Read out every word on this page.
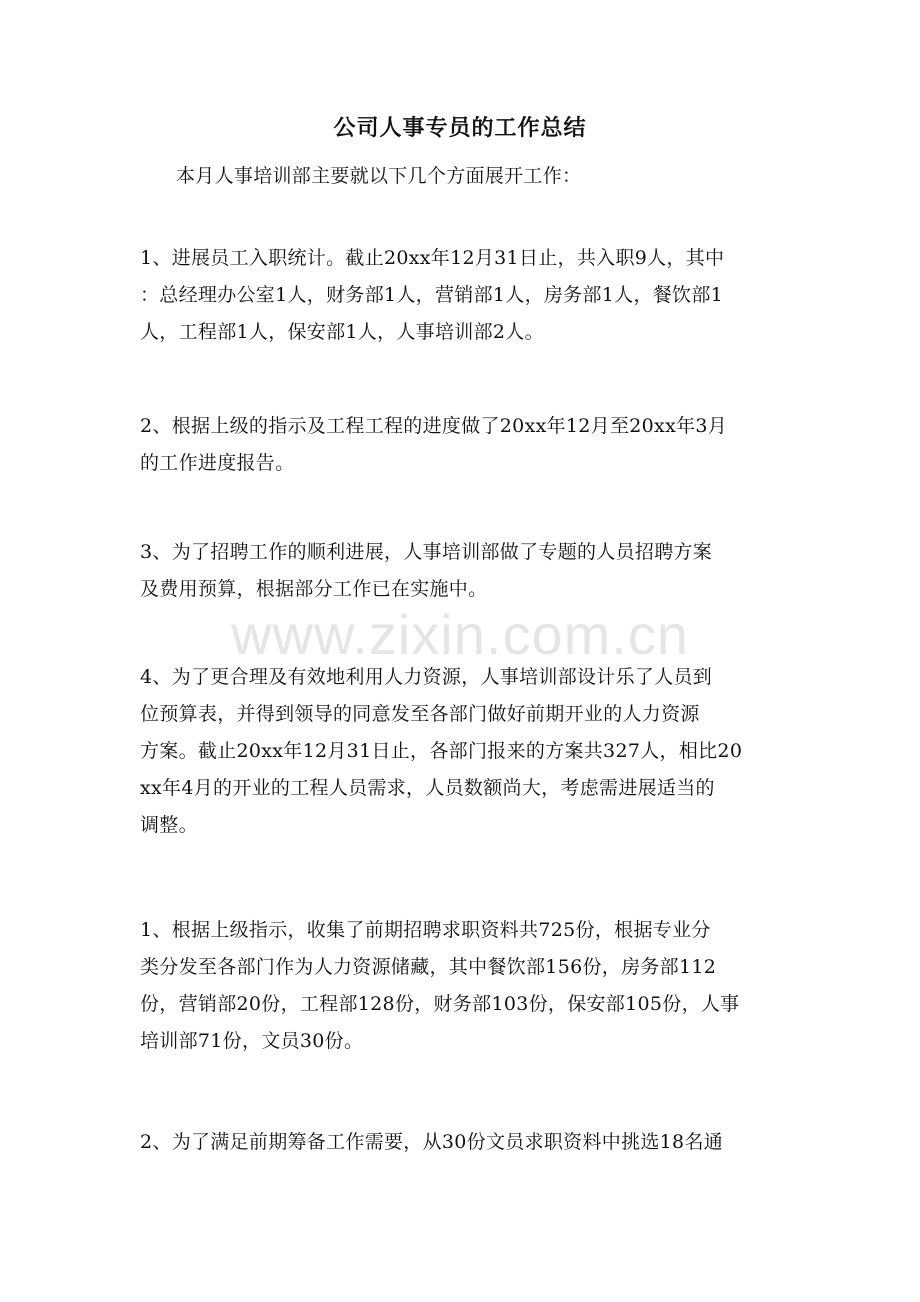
公司人事专员的工作总结

本月人事培训部主要就以下几个方面展开工作：

1、进展员工入职统计。截止20xx年12月31日止，共入职9人，其中
：总经理办公室1人，财务部1人，营销部1人，房务部1人，餐饮部1
人，工程部1人，保安部1人，人事培训部2人。

2、根据上级的指示及工程工程的进度做了20xx年12月至20xx年3月
的工作进度报告。

3、为了招聘工作的顺利进展，人事培训部做了专题的人员招聘方案
及费用预算，根据部分工作已在实施中。

4、为了更合理及有效地利用人力资源，人事培训部设计乐了人员到
位预算表，并得到领导的同意发至各部门做好前期开业的人力资源
方案。截止20xx年12月31日止，各部门报来的方案共327人，相比20
xx年4月的开业的工程人员需求，人员数额尚大，考虑需进展适当的
调整。

1、根据上级指示，收集了前期招聘求职资料共725份，根据专业分
类分发至各部门作为人力资源储藏，其中餐饮部156份，房务部112
份，营销部20份，工程部128份，财务部103份，保安部105份，人事
培训部71份，文员30份。

2、为了满足前期筹备工作需要，从30份文员求职资料中挑选18名通

www.zixin.com.cn
